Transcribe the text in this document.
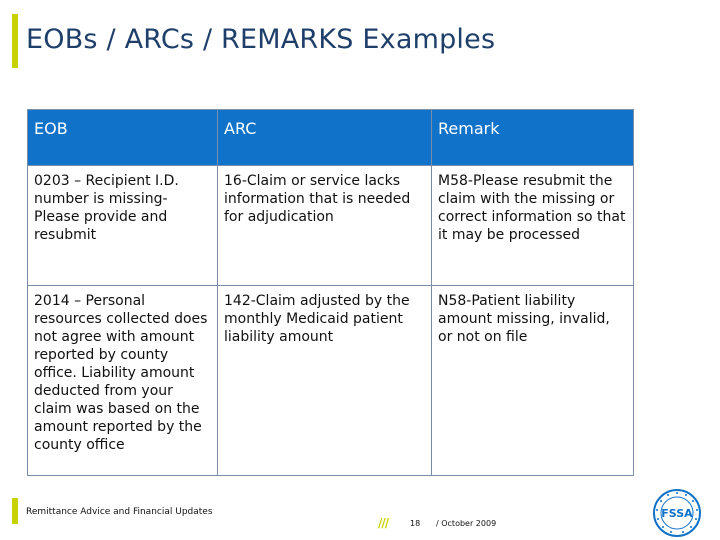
EOBs / ARCs / REMARKS Examples
EOB	ARC	Remark
0203 – Recipient I.D. number is missing-Please provide and resubmit	16-Claim or service lacks information that is needed for adjudication	M58-Please resubmit the claim with the missing or correct information so that it may be processed
2014 – Personal resources collected does not agree with amount reported by county office. Liability amount deducted from your claim was based on the amount reported by the county office	142-Claim adjusted by the monthly Medicaid patient liability amount	N58-Patient liability amount missing, invalid, or not on file
Remittance Advice and Financial Updates
///	18 / October 2009
FSSA
